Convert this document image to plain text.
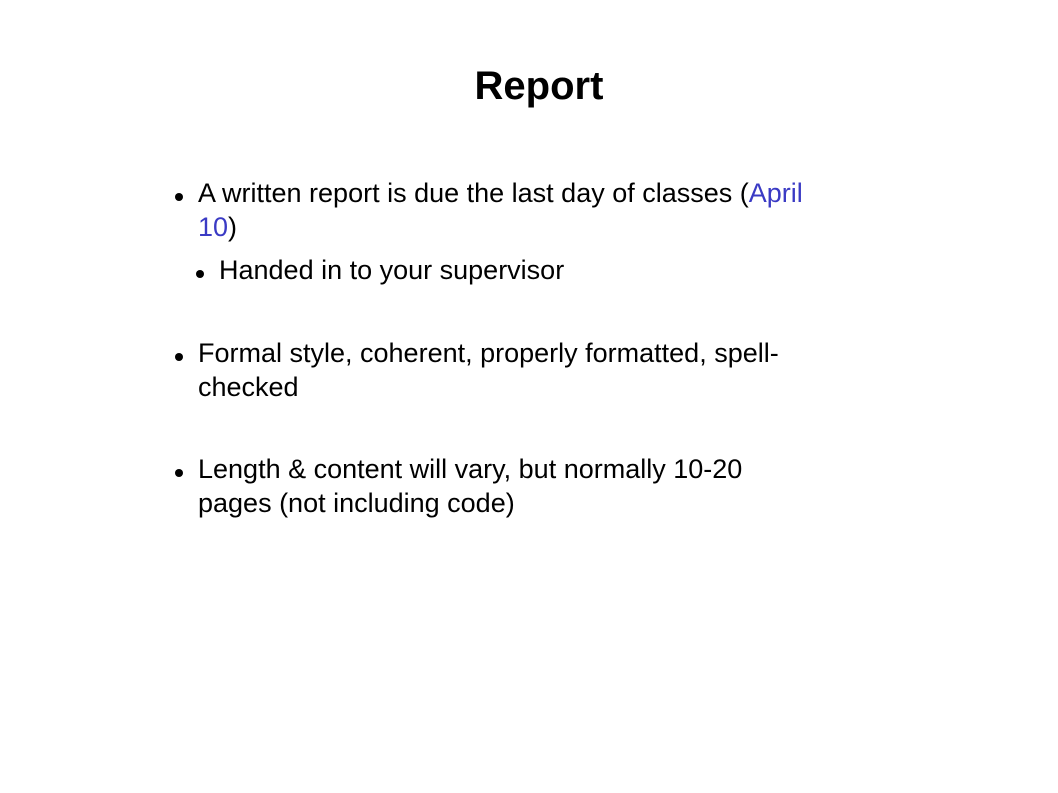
Report
A written report is due the last day of classes (April
10)
Handed in to your supervisor
Formal style, coherent, properly formatted, spell-
checked
Length & content will vary, but normally 10-20
pages (not including code)
